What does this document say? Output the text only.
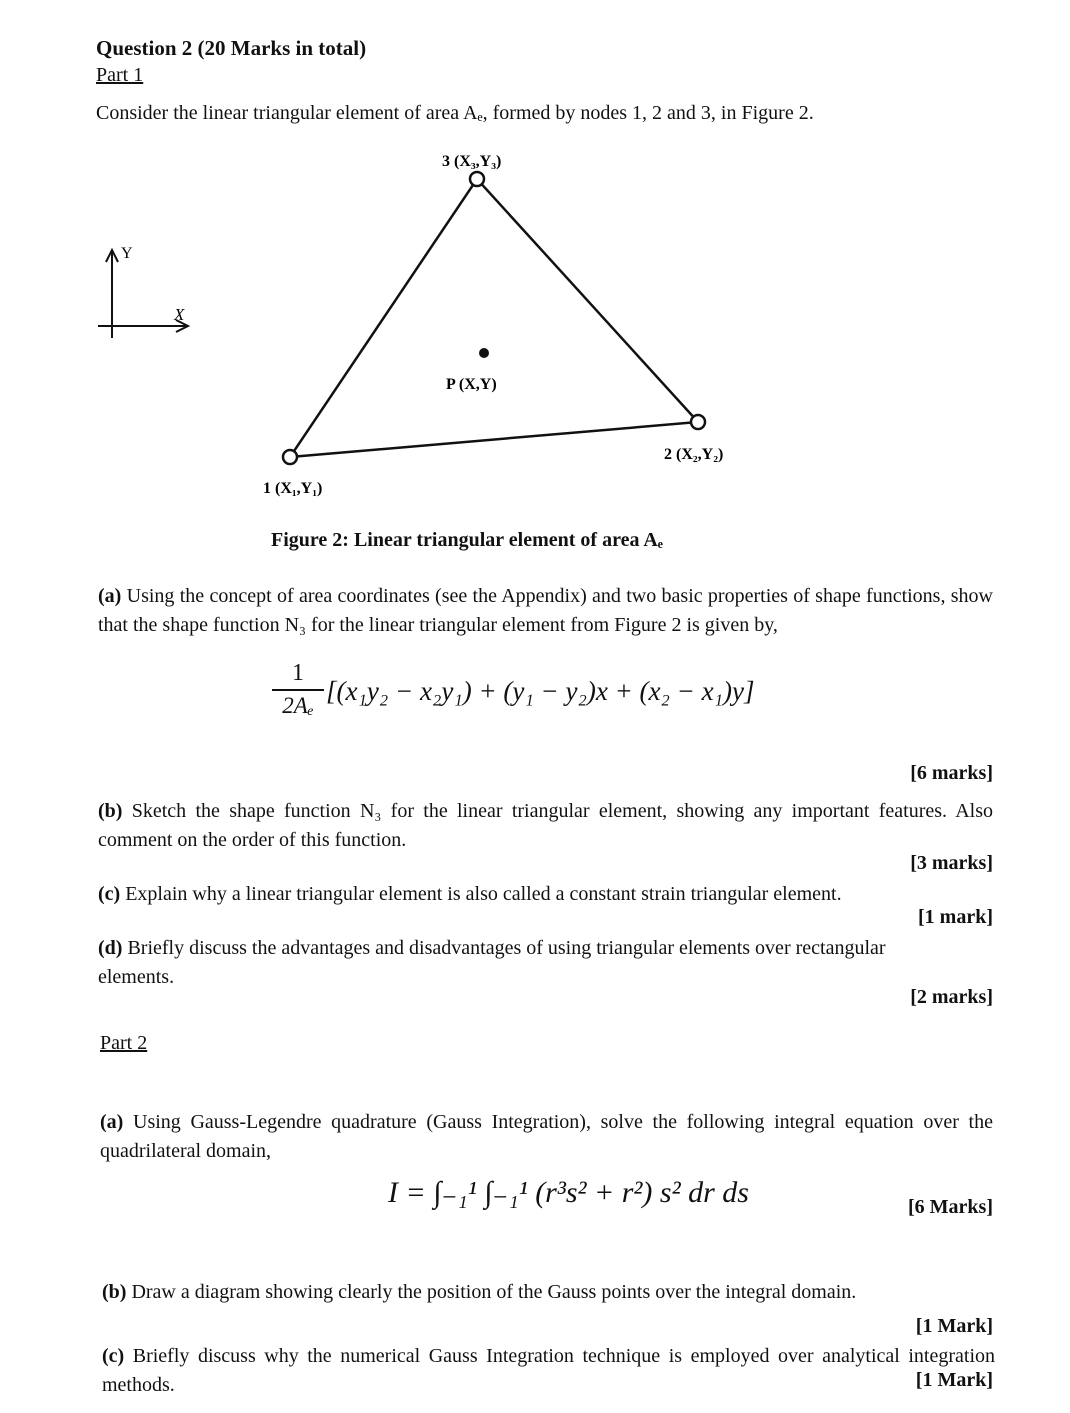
Question 2 (20 Marks in total)
Part 1
Consider the linear triangular element of area Aₑ, formed by nodes 1, 2 and 3, in Figure 2.
Y
X
3 (X₃,Y₃)
P (X,Y)
2 (X₂,Y₂)
1 (X₁,Y₁)
Figure 2: Linear triangular element of area Aₑ
(a) Using the concept of area coordinates (see the Appendix) and two basic properties of shape functions, show that the shape function N₃ for the linear triangular element from Figure 2 is given by,
1
2Aₑ [(x₁y₂ − x₂y₁) + (y₁ − y₂)x + (x₂ − x₁)y]
[6 marks]
(b) Sketch the shape function N₃ for the linear triangular element, showing any important features. Also comment on the order of this function.
[3 marks]
(c) Explain why a linear triangular element is also called a constant strain triangular element.
[1 mark]
(d) Briefly discuss the advantages and disadvantages of using triangular elements over rectangular elements.
[2 marks]
Part 2
(a) Using Gauss-Legendre quadrature (Gauss Integration), solve the following integral equation over the quadrilateral domain,
I = ∫₋₁¹ ∫₋₁¹ (r³s² + r²) s² dr ds	[6 Marks]
(b) Draw a diagram showing clearly the position of the Gauss points over the integral domain.
[1 Mark]
(c) Briefly discuss why the numerical Gauss Integration technique is employed over analytical integration methods.	[1 Mark]
